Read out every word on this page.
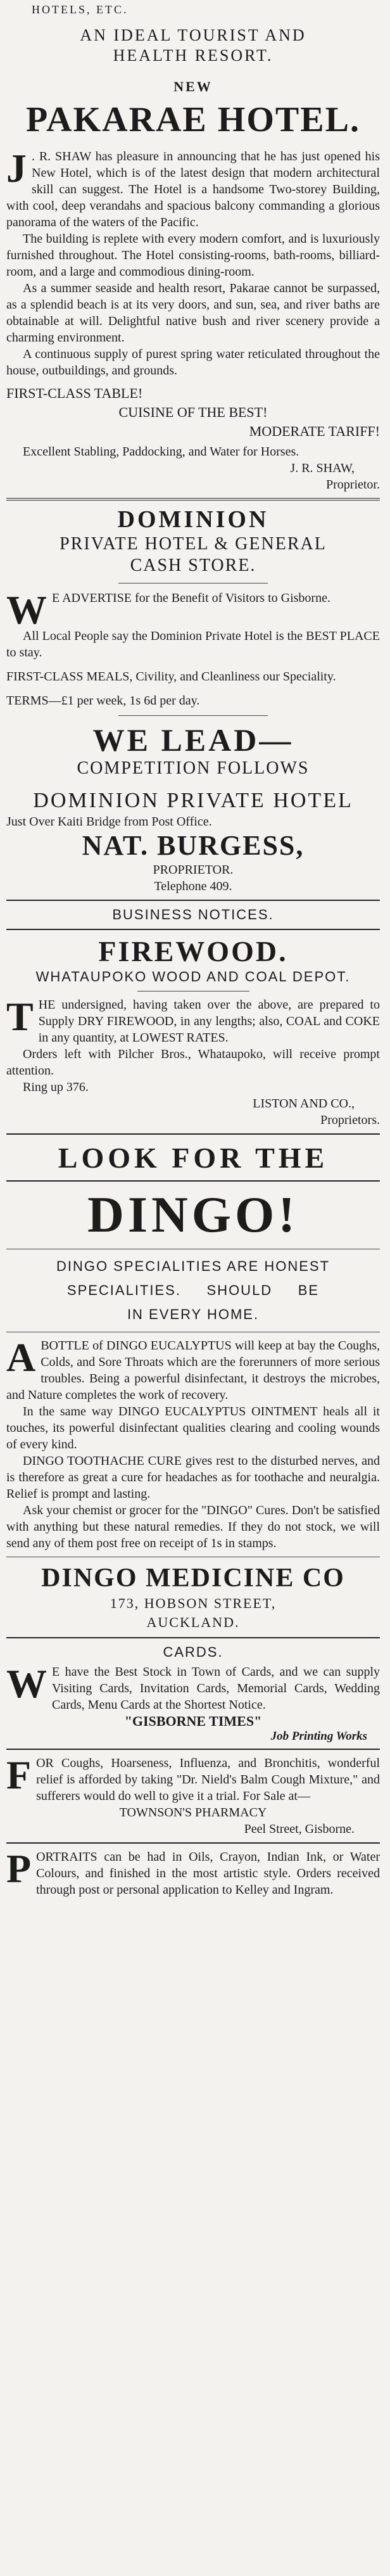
HOTELS, ETC.

AN IDEAL TOURIST AND

HEALTH RESORT.

NEW

PAKARAE HOTEL.

J . R. SHAW has pleasure in announcing that he has just opened his New Hotel, which is of the latest design that modern architectural skill can suggest. The Hotel is a handsome Two-storey Building, with cool, deep verandahs and spacious balcony commanding a glorious panorama of the waters of the Pacific.

The building is replete with every modern comfort, and is luxuriously furnished throughout. The Hotel consisting-rooms, bath-rooms, billiard-room, and a large and commodious dining-room.

As a summer seaside and health resort, Pakarae cannot be surpassed, as a splendid beach is at its very doors, and sun, sea, and river baths are obtainable at will. Delightful native bush and river scenery provide a charming environment.

A continuous supply of purest spring water reticulated throughout the house, outbuildings, and grounds.

FIRST-CLASS TABLE!

CUISINE OF THE BEST!

MODERATE TARIFF!

Excellent Stabling, Paddocking, and Water for Horses.

J. R. SHAW,

Proprietor.

DOMINION

PRIVATE HOTEL & GENERAL

CASH STORE.

W E ADVERTISE for the Benefit of Visitors to Gisborne.

All Local People say the Dominion Private Hotel is the BEST PLACE to stay.

FIRST-CLASS MEALS, Civility, and Cleanliness our Speciality.

TERMS—£1 per week, 1s 6d per day.

WE LEAD—

COMPETITION FOLLOWS

DOMINION PRIVATE HOTEL

Just Over Kaiti Bridge from Post Office.

NAT. BURGESS,

PROPRIETOR.

Telephone 409.

BUSINESS NOTICES.

FIREWOOD.

WHATAUPOKO WOOD AND COAL DEPOT.

THE undersigned, having taken over the above, are prepared to Supply DRY FIREWOOD, in any lengths; also, COAL and COKE in any quantity, at LOWEST RATES.

Orders left with Pilcher Bros., Whataupoko, will receive prompt attention.

Ring up 376.

LISTON AND CO.,

Proprietors.

LOOK FOR THE

DINGO!

DINGO SPECIALITIES ARE HONEST

SPECIALITIES.     SHOULD     BE

IN EVERY HOME.

ABOTTLE of DINGO EUCALYPTUS will keep at bay the Coughs, Colds, and Sore Throats which are the forerunners of more serious troubles. Being a powerful disinfectant, it destroys the microbes, and Nature completes the work of recovery.

In the same way DINGO EUCALYPTUS OINTMENT heals all it touches, its powerful disinfectant qualities clearing and cooling wounds of every kind.

DINGO TOOTHACHE CURE gives rest to the disturbed nerves, and is therefore as great a cure for headaches as for toothache and neuralgia. Relief is prompt and lasting.

Ask your chemist or grocer for the "DINGO" Cures. Don't be satisfied with anything but these natural remedies. If they do not stock, we will send any of them post free on receipt of 1s in stamps.

DINGO MEDICINE CO

173, HOBSON STREET,

AUCKLAND.

CARDS.

W E have the Best Stock in Town of Cards, and we can supply Visiting Cards, Invitation Cards, Memorial Cards, Wedding Cards, Menu Cards at the Shortest Notice.

"GISBORNE TIMES"

Job Printing Works

FOR Coughs, Hoarseness, Influenza, and Bronchitis, wonderful relief is afforded by taking "Dr. Nield's Balm Cough Mixture," and sufferers would do well to give it a trial. For Sale at—

TOWNSON'S PHARMACY

Peel Street, Gisborne.

PORTRAITS can be had in Oils, Crayon, Indian Ink, or Water Colours, and finished in the most artistic style. Orders received through post or personal application to Kelley and Ingram.
